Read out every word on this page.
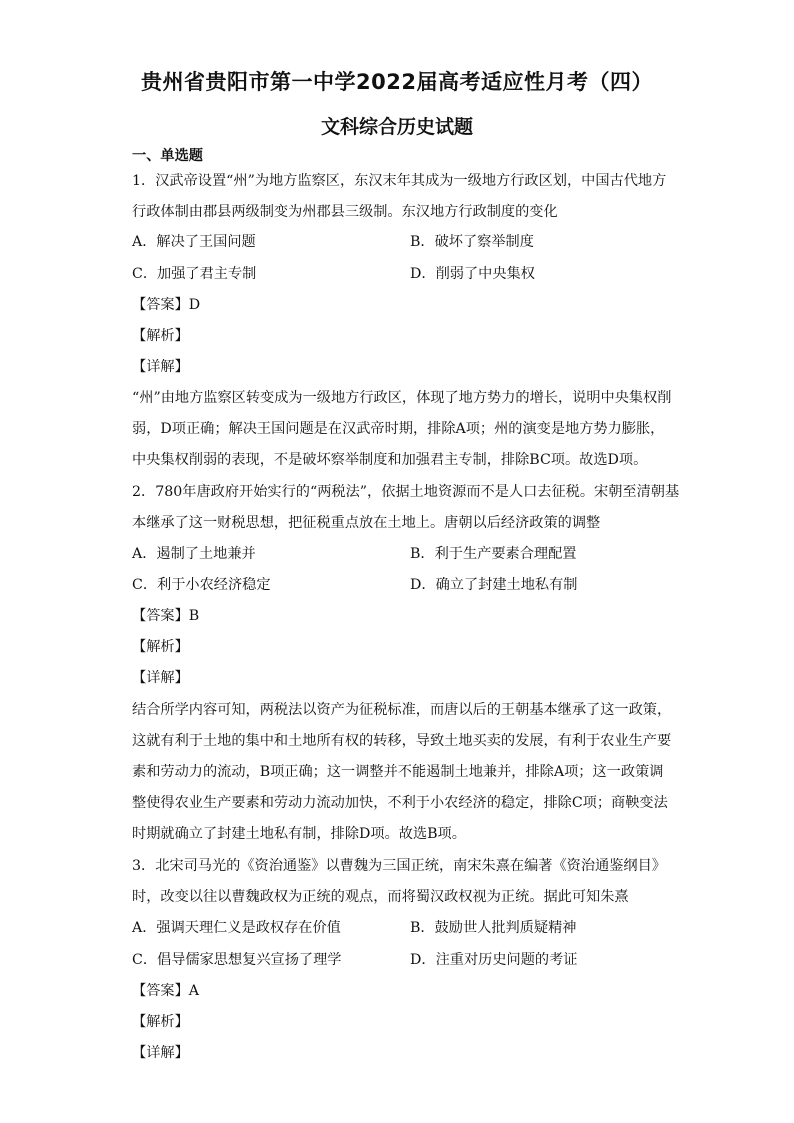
贵州省贵阳市第一中学2022届高考适应性月考（四）
文科综合历史试题
一、单选题
1．汉武帝设置“州”为地方监察区，东汉末年其成为一级地方行政区划，中国古代地方
行政体制由郡县两级制变为州郡县三级制。东汉地方行政制度的变化
A．解决了王国问题	B．破坏了察举制度
C．加强了君主专制	D．削弱了中央集权
【答案】D
【解析】
【详解】
“州”由地方监察区转变成为一级地方行政区，体现了地方势力的增长，说明中央集权削
弱，D项正确；解决王国问题是在汉武帝时期，排除A项；州的演变是地方势力膨胀，
中央集权削弱的表现，不是破坏察举制度和加强君主专制，排除BC项。故选D项。
2．780年唐政府开始实行的“两税法”，依据土地资源而不是人口去征税。宋朝至清朝基
本继承了这一财税思想，把征税重点放在土地上。唐朝以后经济政策的调整
A．遏制了土地兼并	B．利于生产要素合理配置
C．利于小农经济稳定	D．确立了封建土地私有制
【答案】B
【解析】
【详解】
结合所学内容可知，两税法以资产为征税标准，而唐以后的王朝基本继承了这一政策，
这就有利于土地的集中和土地所有权的转移，导致土地买卖的发展，有利于农业生产要
素和劳动力的流动，B项正确；这一调整并不能遏制土地兼并，排除A项；这一政策调
整使得农业生产要素和劳动力流动加快，不利于小农经济的稳定，排除C项；商鞅变法
时期就确立了封建土地私有制，排除D项。故选B项。
3．北宋司马光的《资治通鉴》以曹魏为三国正统，南宋朱熹在编著《资治通鉴纲目》
时，改变以往以曹魏政权为正统的观点，而将蜀汉政权视为正统。据此可知朱熹
A．强调天理仁义是政权存在价值	B．鼓励世人批判质疑精神
C．倡导儒家思想复兴宣扬了理学	D．注重对历史问题的考证
【答案】A
【解析】
【详解】
